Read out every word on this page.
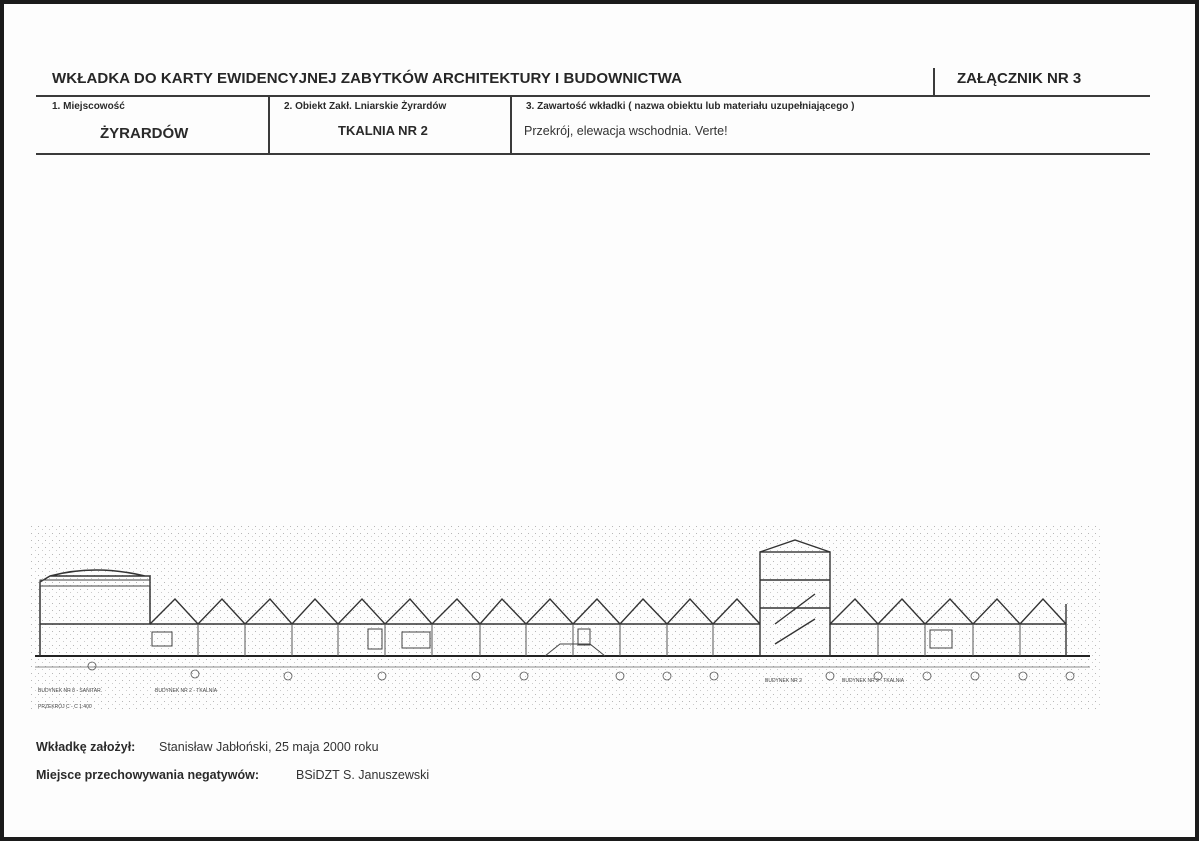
WKŁADKA DO KARTY EWIDENCYJNEJ ZABYTKÓW ARCHITEKTURY I BUDOWNICTWA	ZAŁĄCZNIK NR 3
1. Miejscowość
ŻYRARDÓW
2. Obiekt Zakł. Lniarskie Żyrardów
TKALNIA NR 2
3. Zawartość wkładki ( nazwa obiektu lub materiału uzupełniającego )
Przekrój, elewacja wschodnia. Verte!
BUDYNEK NR 8 - SANITAR.	BUDYNEK NR 2 - TKALNIA
BUDYNEK NR 2	BUDYNEK NR 2 - TKALNIA
PRZEKRÓJ C - C 1:400
Wkładkę założył: Stanisław Jabłoński, 25 maja 2000 roku
Miejsce przechowywania negatywów:	BSiDZT S. Januszewski
